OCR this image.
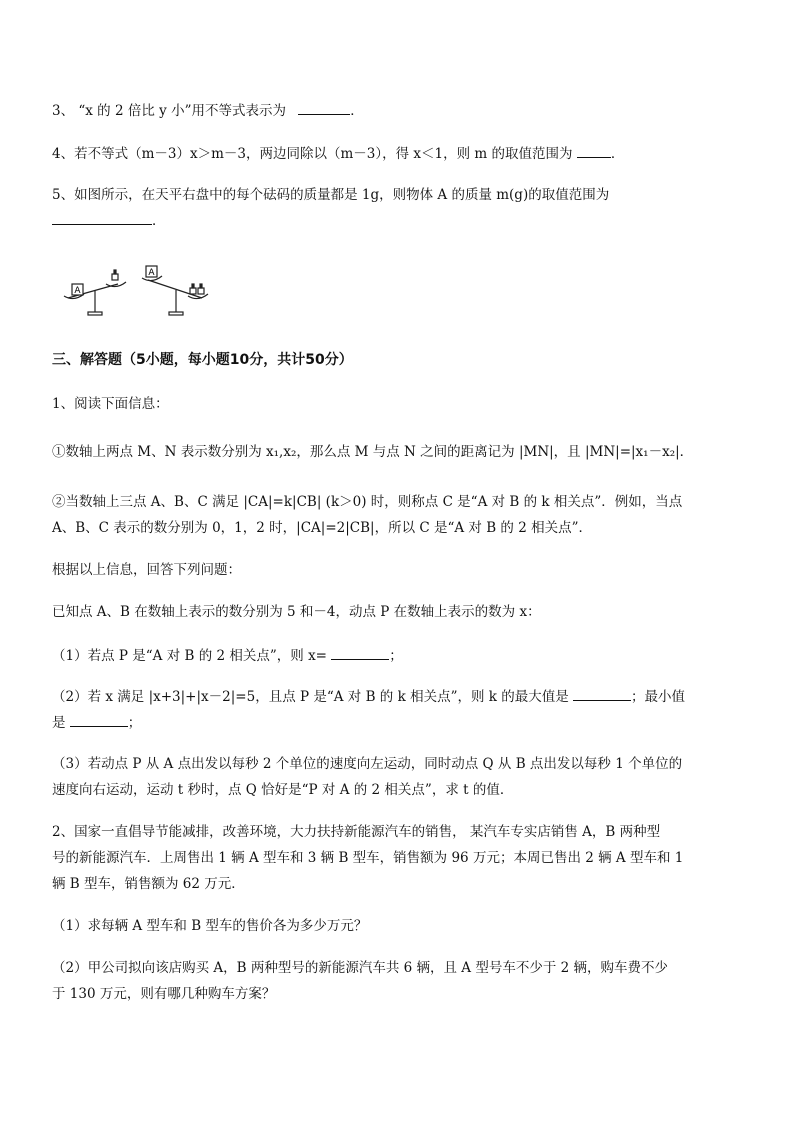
3、 “x 的 2 倍比 y 小”用不等式表示为	．
4、若不等式（m－3）x＞m－3，两边同除以（m－3），得 x＜1，则 m 的取值范围为	．
5、如图所示，在天平右盘中的每个砝码的质量都是 1g，则物体 A 的质量 m(g)的取值范围为
．
A
A
三、解答题（5小题，每小题10分，共计50分）
1、阅读下面信息：
①数轴上两点 M、N 表示数分别为 x₁,x₂，那么点 M 与点 N 之间的距离记为 |MN|，且 |MN|=|x₁－x₂|．
②当数轴上三点 A、B、C 满足 |CA|=k|CB| (k＞0) 时，则称点 C 是“A 对 B 的 k 相关点”．例如，当点
A、B、C 表示的数分别为 0，1，2 时，|CA|=2|CB|，所以 C 是“A 对 B 的 2 相关点”．
根据以上信息，回答下列问题：
已知点 A、B 在数轴上表示的数分别为 5 和－4，动点 P 在数轴上表示的数为 x：
（1）若点 P 是“A 对 B 的 2 相关点”，则 x=	；
（2）若 x 满足 |x+3|+|x－2|=5，且点 P 是“A 对 B 的 k 相关点”，则 k 的最大值是	；最小值
是	；
（3）若动点 P 从 A 点出发以每秒 2 个单位的速度向左运动，同时动点 Q 从 B 点出发以每秒 1 个单位的
速度向右运动，运动 t 秒时，点 Q 恰好是“P 对 A 的 2 相关点”，求 t 的值．
2、国家一直倡导节能减排，改善环境，大力扶持新能源汽车的销售， 某汽车专实店销售 A，B 两种型
号的新能源汽车．上周售出 1 辆 A 型车和 3 辆 B 型车，销售额为 96 万元；本周已售出 2 辆 A 型车和 1
辆 B 型车，销售额为 62 万元．
（1）求每辆 A 型车和 B 型车的售价各为多少万元？
（2）甲公司拟向该店购买 A，B 两种型号的新能源汽车共 6 辆，且 A 型号车不少于 2 辆，购车费不少
于 130 万元，则有哪几种购车方案？
